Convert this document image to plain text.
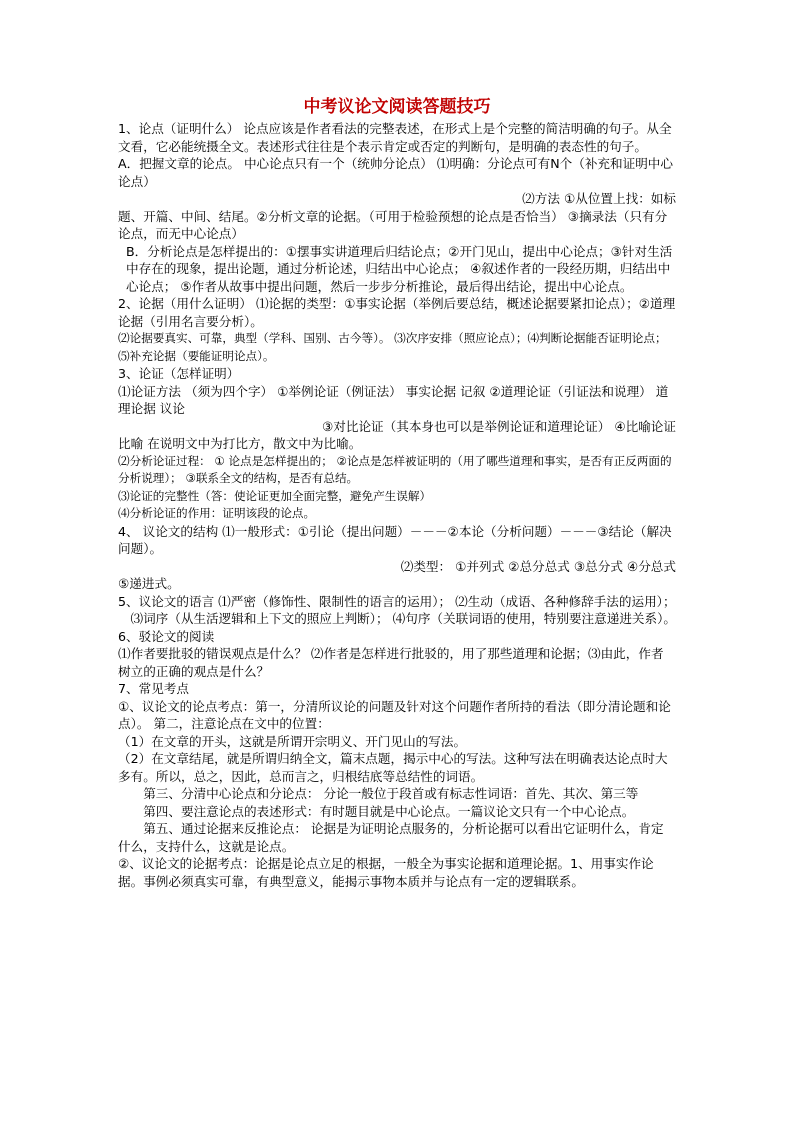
中考议论文阅读答题技巧

1、论点（证明什么） 论点应该是作者看法的完整表述，在形式上是个完整的简洁明确的句子。从全文看，它必能统摄全文。表述形式往往是个表示肯定或否定的判断句，是明确的表态性的句子。

A．把握文章的论点。 中心论点只有一个（统帅分论点） ⑴明确：分论点可有N个（补充和证明中心论点）

⑵方法 ①从位置上找：如标

题、开篇、中间、结尾。②分析文章的论据。（可用于检验预想的论点是否恰当） ③摘录法（只有分论点，而无中心论点）

B．分析论点是怎样提出的：①摆事实讲道理后归结论点；②开门见山，提出中心论点；③针对生活中存在的现象，提出论题，通过分析论述，归结出中心论点； ④叙述作者的一段经历期，归结出中心论点； ⑤作者从故事中提出问题，然后一步步分析推论，最后得出结论，提出中心论点。

2、论据（用什么证明） ⑴论据的类型：①事实论据（举例后要总结，概述论据要紧扣论点）；②道理论据（引用名言要分析）。

⑵论据要真实、可靠，典型（学科、国别、古今等）。 ⑶次序安排（照应论点）；⑷判断论据能否证明论点； ⑸补充论据（要能证明论点）。

3、论证（怎样证明）

⑴论证方法 （须为四个字） ①举例论证（例证法） 事实论据 记叙 ②道理论证（引证法和说理） 道理论据 议论

③对比论证（其本身也可以是举例论证和道理论证） ④比喻论证

比喻 在说明文中为打比方，散文中为比喻。

⑵分析论证过程： ① 论点是怎样提出的； ②论点是怎样被证明的（用了哪些道理和事实，是否有正反两面的分析说理）； ③联系全文的结构，是否有总结。

⑶论证的完整性（答：使论证更加全面完整，避免产生误解）

⑷分析论证的作用：证明该段的论点。

4、 议论文的结构 ⑴一般形式：①引论（提出问题）－－－②本论（分析问题）－－－③结论（解决问题）。

⑵类型： ①并列式 ②总分总式 ③总分式 ④分总式

⑤递进式。

5、议论文的语言 ⑴严密（修饰性、限制性的语言的运用）； ⑵生动（成语、各种修辞手法的运用）；

⑶词序（从生活逻辑和上下文的照应上判断）； ⑷句序（关联词语的使用，特别要注意递进关系）。

6、驳论文的阅读

⑴作者要批驳的错误观点是什么？ ⑵作者是怎样进行批驳的，用了那些道理和论据；⑶由此，作者树立的正确的观点是什么？

7、常见考点

①、议论文的论点考点：第一，分清所议论的问题及针对这个问题作者所持的看法（即分清论题和论点）。 第二，注意论点在文中的位置：

（1）在文章的开头，这就是所谓开宗明义、开门见山的写法。

（2）在文章结尾，就是所谓归纳全文，篇末点题，揭示中心的写法。这种写法在明确表达论点时大多有。所以，总之，因此，总而言之，归根结底等总结性的词语。

第三、分清中心论点和分论点： 分论一般位于段首或有标志性词语：首先、其次、第三等

第四、要注意论点的表述形式：有时题目就是中心论点。一篇议论文只有一个中心论点。

第五、通过论据来反推论点： 论据是为证明论点服务的，分析论据可以看出它证明什么，肯定什么，支持什么，这就是论点。

②、议论文的论据考点：论据是论点立足的根据，一般全为事实论据和道理论据。1、用事实作论据。事例必须真实可靠，有典型意义，能揭示事物本质并与论点有一定的逻辑联系。
